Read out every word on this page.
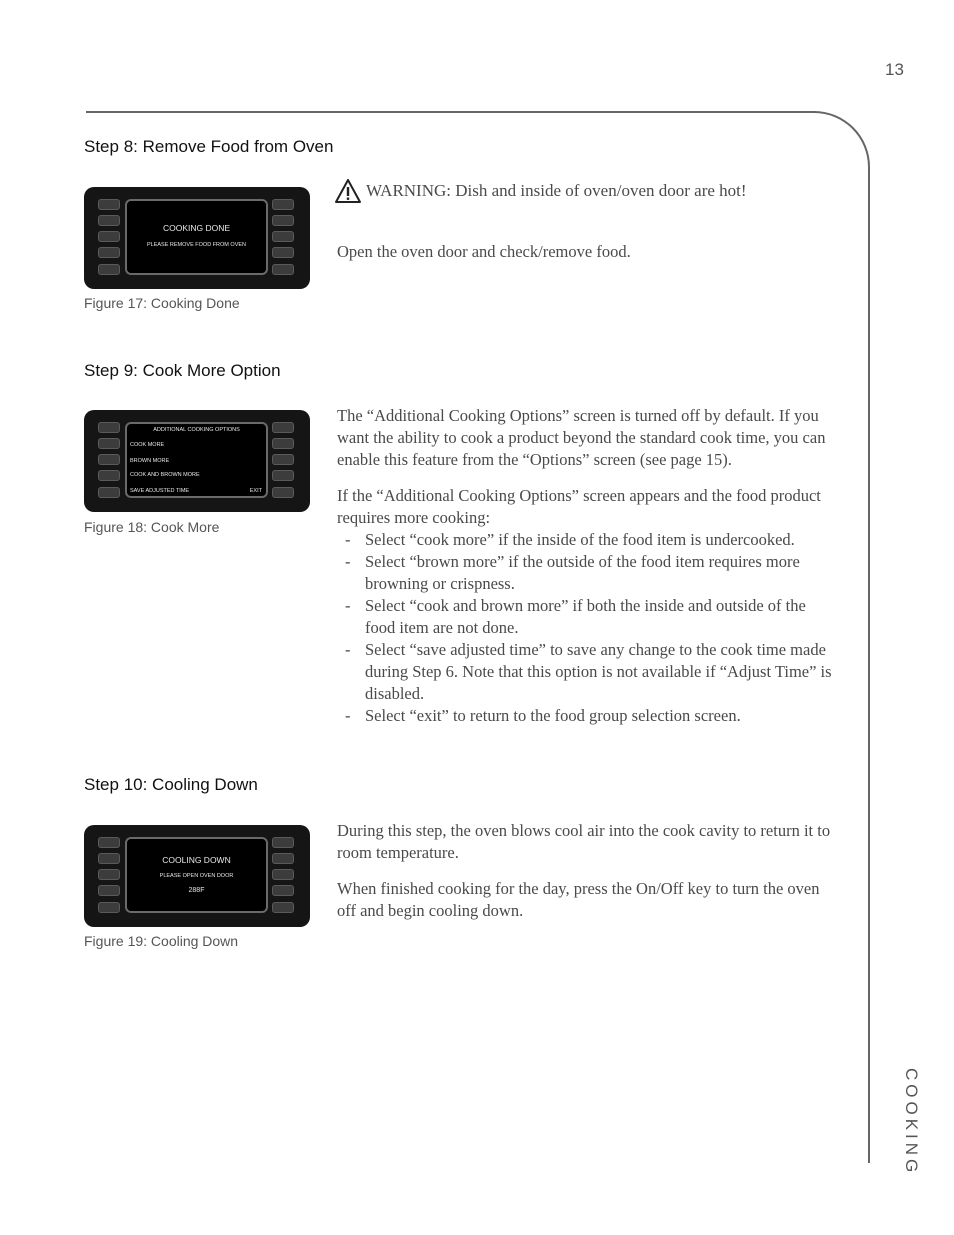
13
COOKING
Step 8: Remove Food from Oven
COOKING DONE
PLEASE REMOVE FOOD FROM OVEN
Figure 17: Cooking Done
WARNING: Dish and inside of oven/oven door are hot!

Open the oven door and check/remove food.

Step 9: Cook More Option
ADDITIONAL COOKING OPTIONS
COOK MORE
BROWN MORE
COOK AND BROWN MORE
SAVE ADJUSTED TIME	EXIT
Figure 18: Cook More

The “Additional Cooking Options” screen is turned off by default. If you want the ability to cook a product beyond the standard cook time, you can enable this feature from the “Options” screen (see page 15).

If the “Additional Cooking Options” screen appears and the food product requires more cooking:

- Select “cook more” if the inside of the food item is undercooked.
- Select “brown more” if the outside of the food item requires more browning or crispness.
- Select “cook and brown more” if both the inside and outside of the food item are not done.
- Select “save adjusted time” to save any change to the cook time made during Step 6. Note that this option is not available if “Adjust Time” is disabled.
- Select “exit” to return to the food group selection screen.
Step 10: Cooling Down
COOLING DOWN
PLEASE OPEN OVEN DOOR
288F
Figure 19: Cooling Down

During this step, the oven blows cool air into the cook cavity to return it to room temperature.

When finished cooking for the day, press the On/Off key to turn the oven off and begin cooling down.
